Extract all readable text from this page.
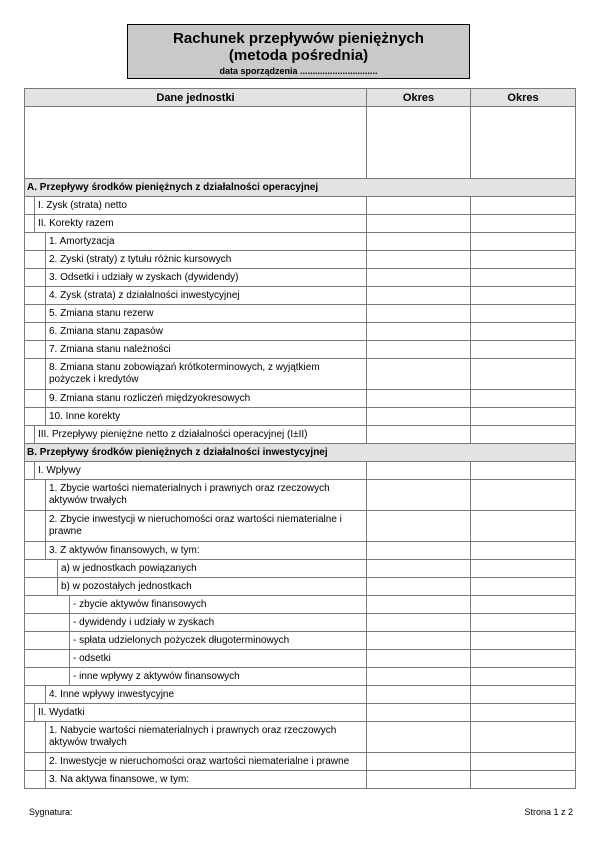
Rachunek przepływów pieniężnych
(metoda pośrednia)
data sporządzenia ...............................
Dane jednostki	Okres	Okres

A. Przepływy środków pieniężnych z działalności operacyjnej		

I. Zysk (strata) netto		

II. Korekty razem		

1. Amortyzacja		

2. Zyski (straty) z tytułu różnic kursowych		

3. Odsetki i udziały w zyskach (dywidendy)		

4. Zysk (strata) z działalności inwestycyjnej		

5. Zmiana stanu rezerw		

6. Zmiana stanu zapasów		

7. Zmiana stanu należności		

8. Zmiana stanu zobowiązań krótkoterminowych, z wyjątkiem pożyczek i kredytów		

9. Zmiana stanu rozliczeń międzyokresowych		

10. Inne korekty		

III. Przepływy pieniężne netto z działalności operacyjnej (I±II)		

B. Przepływy środków pieniężnych z działalności inwestycyjnej		

I. Wpływy		

1. Zbycie wartości niematerialnych i prawnych oraz rzeczowych aktywów trwałych		

2. Zbycie inwestycji w nieruchomości oraz wartości niematerialne i prawne		

3. Z aktywów finansowych, w tym:		

a) w jednostkach powiązanych		

b) w pozostałych jednostkach		

- zbycie aktywów finansowych		

- dywidendy i udziały w zyskach		

- spłata udzielonych pożyczek długoterminowych		

- odsetki		

- inne wpływy z aktywów finansowych		

4. Inne wpływy inwestycyjne		

II. Wydatki		

1. Nabycie wartości niematerialnych i prawnych oraz rzeczowych aktywów trwałych		

2. Inwestycje w nieruchomości oraz wartości niematerialne i prawne		

3. Na aktywa finansowe, w tym:		

Sygnatura:	Strona 1 z 2
